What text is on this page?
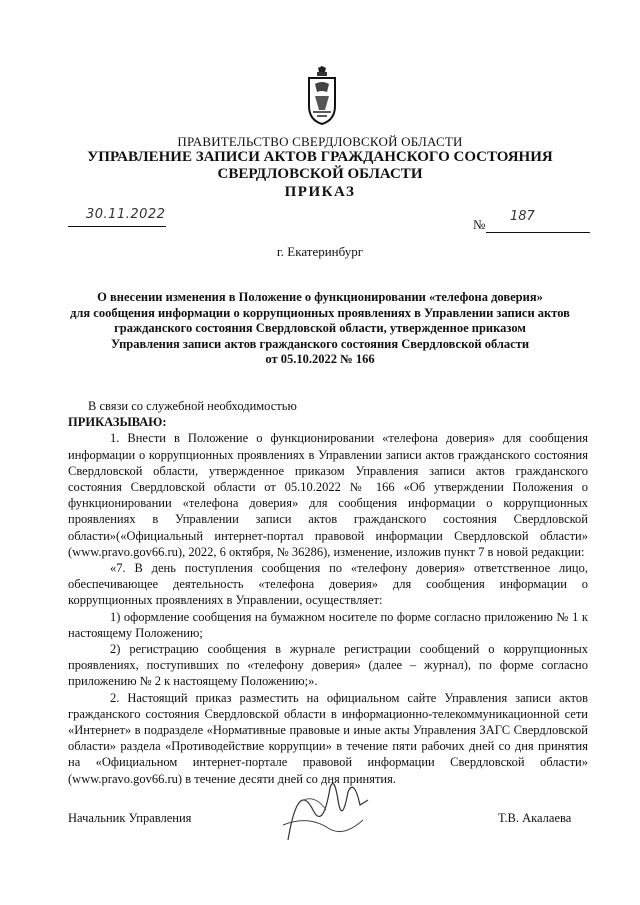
ПРАВИТЕЛЬСТВО СВЕРДЛОВСКОЙ ОБЛАСТИ
УПРАВЛЕНИЕ ЗАПИСИ АКТОВ ГРАЖДАНСКОГО СОСТОЯНИЯ
СВЕРДЛОВСКОЙ ОБЛАСТИ
ПРИКАЗ
30.11.2022
№
187
г. Екатеринбург
О внесении изменения в Положение о функционировании «телефона доверия»
для сообщения информации о коррупционных проявлениях в Управлении записи актов
гражданского состояния Свердловской области, утвержденное приказом
Управления записи актов гражданского состояния Свердловской области
от 05.10.2022 № 166
В связи со служебной необходимостью
ПРИКАЗЫВАЮ:
1. Внести в Положение о функционировании «телефона доверия» для сообщения информации о коррупционных проявлениях в Управлении записи актов гражданского состояния Свердловской области, утвержденное приказом Управления записи актов гражданского состояния Свердловской области от 05.10.2022 № 166 «Об утверждении Положения о функционировании «телефона доверия» для сообщения информации о коррупционных проявлениях в Управлении записи актов гражданского состояния Свердловской области»(«Официальный интернет-портал правовой информации Свердловской области» (www.pravo.gov66.ru), 2022, 6 октября, № 36286), изменение, изложив пункт 7 в новой редакции:
«7. В день поступления сообщения по «телефону доверия» ответственное лицо, обеспечивающее деятельность «телефона доверия» для сообщения информации о коррупционных проявлениях в Управлении, осуществляет:
1) оформление сообщения на бумажном носителе по форме согласно приложению № 1 к настоящему Положению;
2) регистрацию сообщения в журнале регистрации сообщений о коррупционных проявлениях, поступивших по «телефону доверия» (далее – журнал), по форме согласно приложению № 2 к настоящему Положению;».
2. Настоящий приказ разместить на официальном сайте Управления записи актов гражданского состояния Свердловской области в информационно-телекоммуникационной сети «Интернет» в подразделе «Нормативные правовые и иные акты Управления ЗАГС Свердловской области» раздела «Противодействие коррупции» в течение пяти рабочих дней со дня принятия на «Официальном интернет-портале правовой информации Свердловской области» (www.pravo.gov66.ru) в течение десяти дней со дня принятия.
Начальник Управления	Т.В. Акалаева
